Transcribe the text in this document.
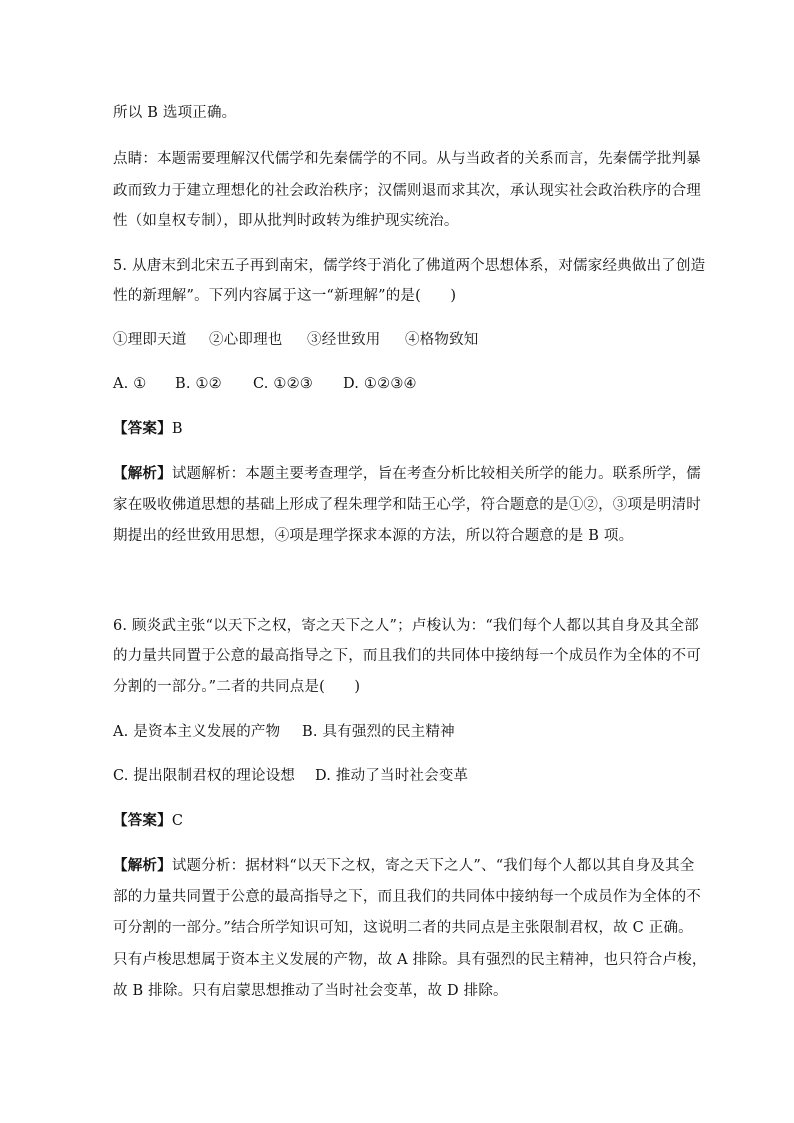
所以 B 选项正确。
点睛：本题需要理解汉代儒学和先秦儒学的不同。从与当政者的关系而言，先秦儒学批判暴
政而致力于建立理想化的社会政治秩序；汉儒则退而求其次，承认现实社会政治秩序的合理
性（如皇权专制），即从批判时政转为维护现实统治。
5. 从唐末到北宋五子再到南宋，儒学终于消化了佛道两个思想体系，对儒家经典做出了创造
性的新理解”。下列内容属于这一“新理解”的是(　　)
①理即天道 ②心即理也 ③经世致用 ④格物致知
A. ① B. ①② C. ①②③ D. ①②③④
【答案】B
【解析】试题解析：本题主要考查理学，旨在考查分析比较相关所学的能力。联系所学，儒
家在吸收佛道思想的基础上形成了程朱理学和陆王心学，符合题意的是①②，③项是明清时
期提出的经世致用思想，④项是理学探求本源的方法，所以符合题意的是 B 项。
6. 顾炎武主张“以天下之权，寄之天下之人”；卢梭认为：“我们每个人都以其自身及其全部
的力量共同置于公意的最高指导之下，而且我们的共同体中接纳每一个成员作为全体的不可
分割的一部分。”二者的共同点是(　　)
A. 是资本主义发展的产物 B. 具有强烈的民主精神
C. 提出限制君权的理论设想 D. 推动了当时社会变革
【答案】C
【解析】试题分析：据材料“以天下之权，寄之天下之人”、“我们每个人都以其自身及其全
部的力量共同置于公意的最高指导之下，而且我们的共同体中接纳每一个成员作为全体的不
可分割的一部分。”结合所学知识可知，这说明二者的共同点是主张限制君权，故 C 正确。
只有卢梭思想属于资本主义发展的产物，故 A 排除。具有强烈的民主精神，也只符合卢梭，
故 B 排除。只有启蒙思想推动了当时社会变革，故 D 排除。
